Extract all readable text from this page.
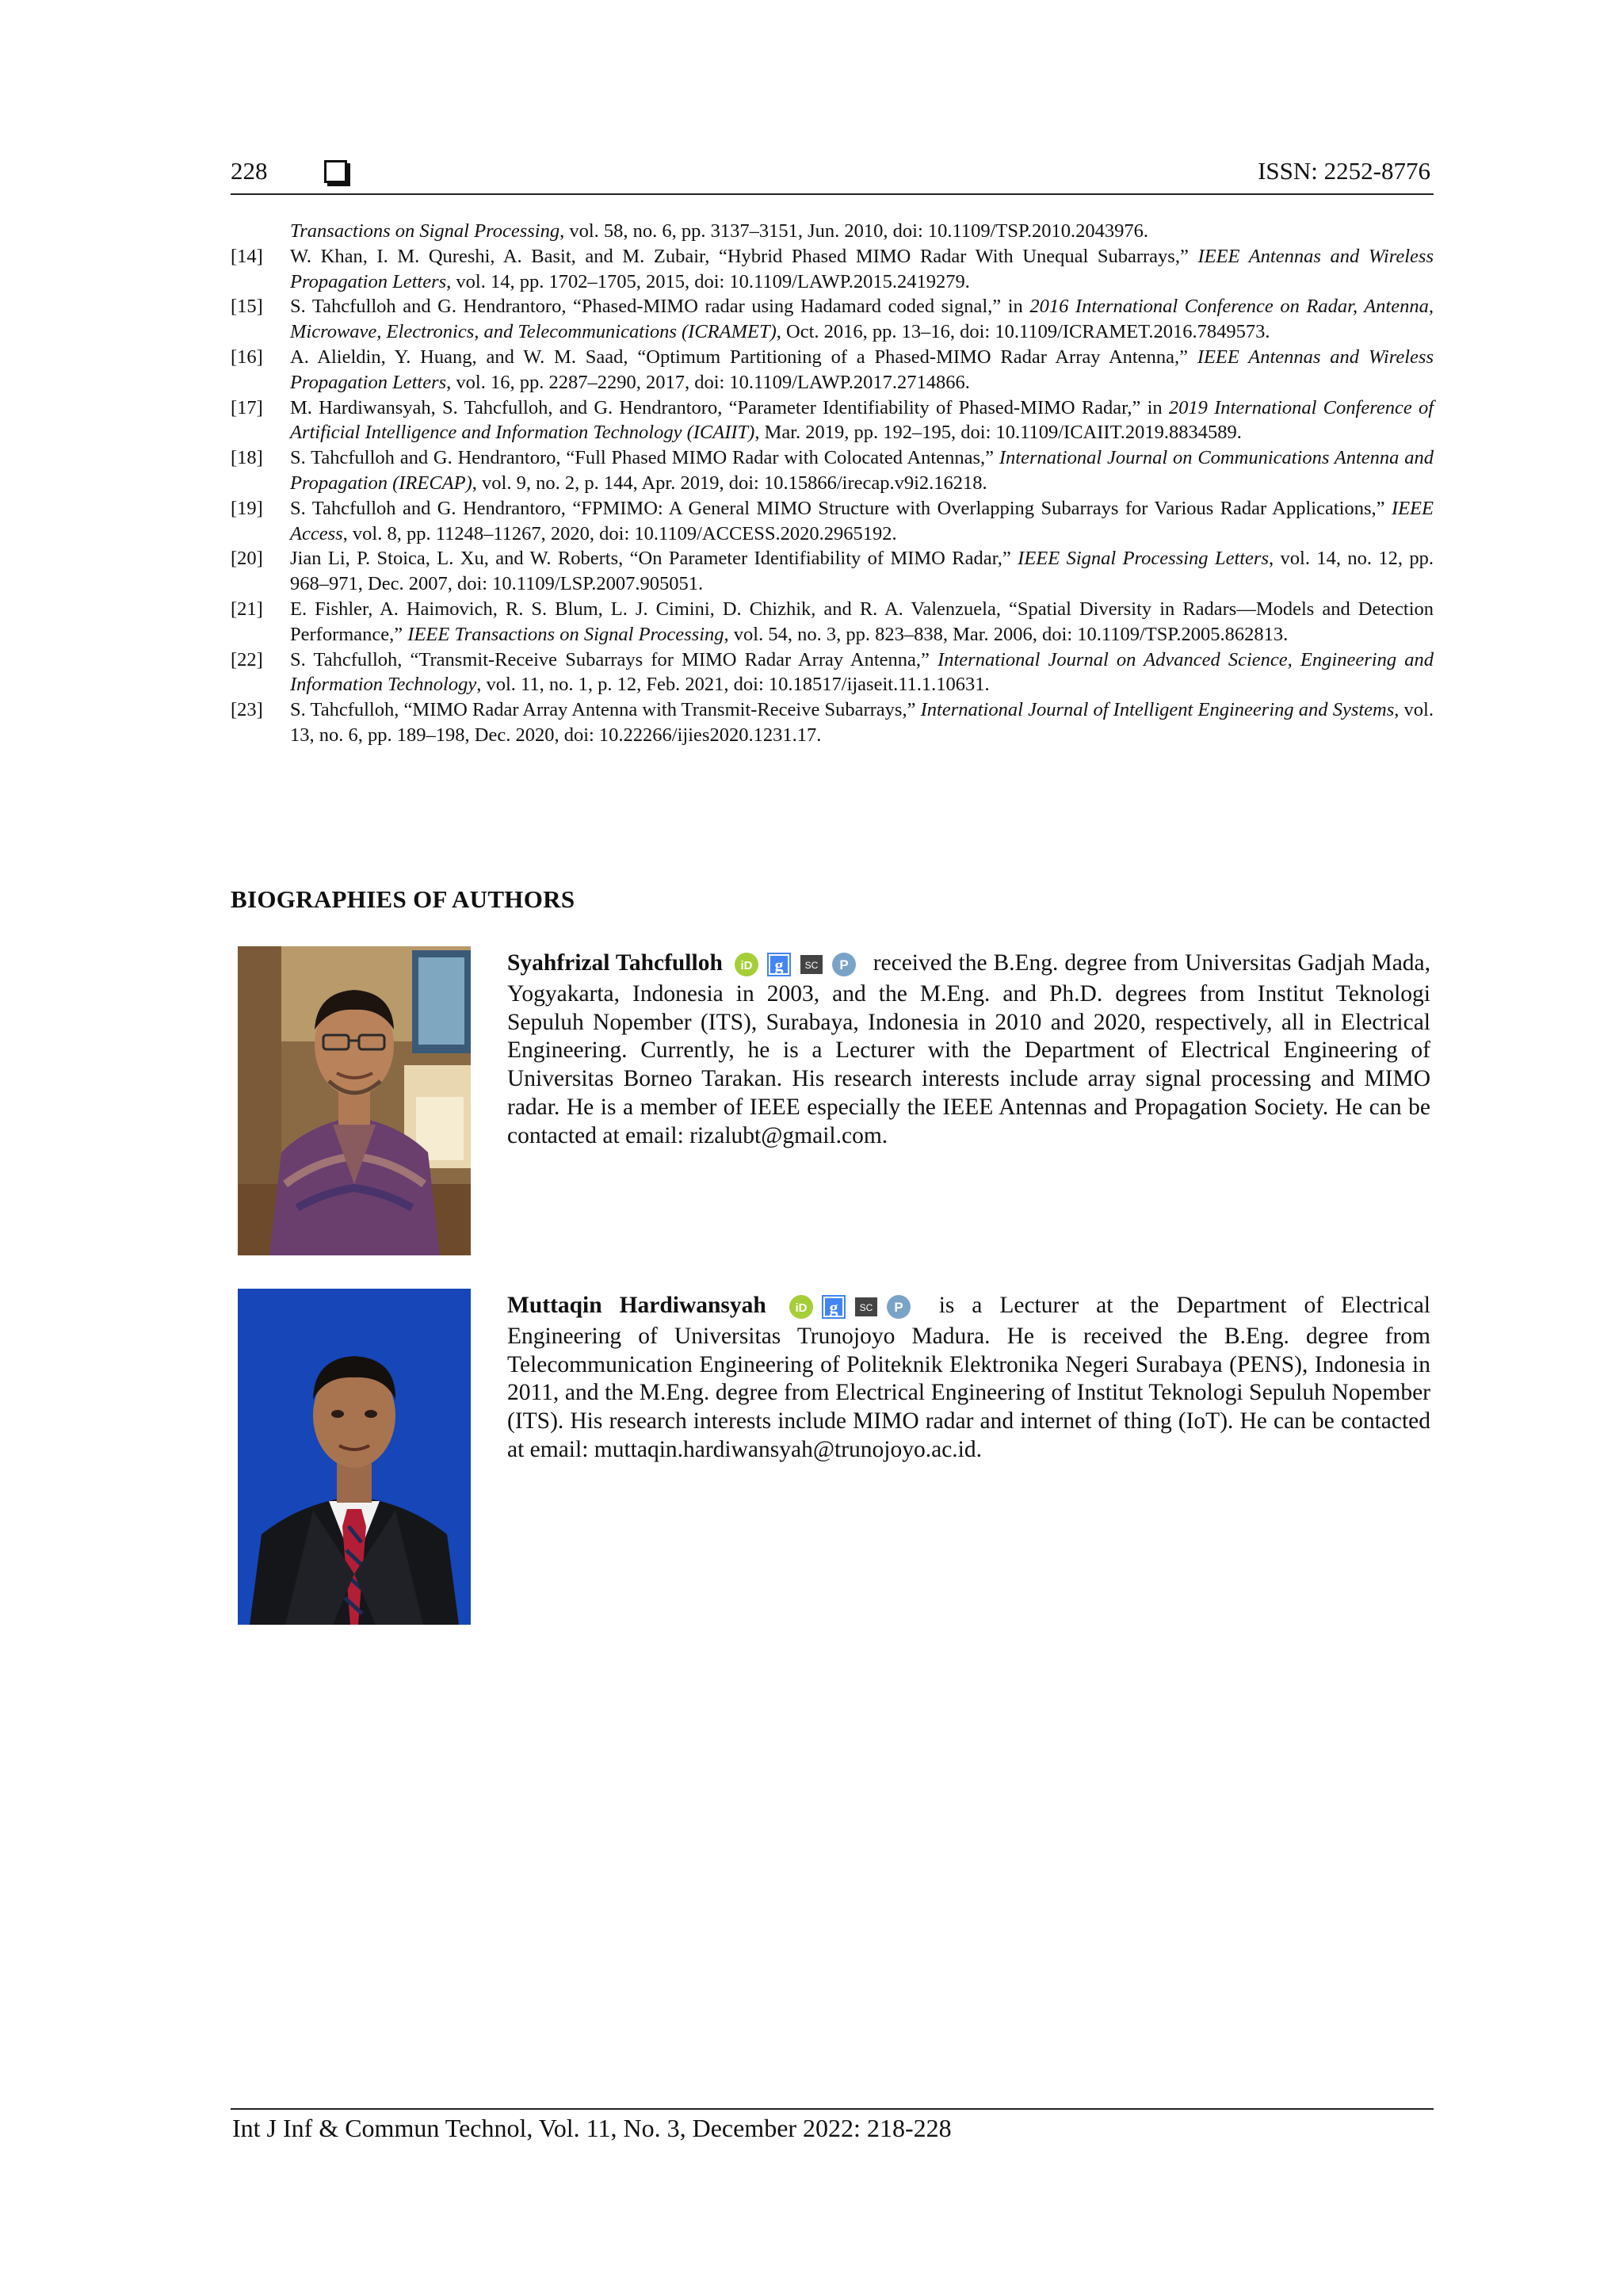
228	ISSN: 2252-8776
Transactions on Signal Processing, vol. 58, no. 6, pp. 3137–3151, Jun. 2010, doi: 10.1109/TSP.2010.2043976.
[14] W. Khan, I. M. Qureshi, A. Basit, and M. Zubair, “Hybrid Phased MIMO Radar With Unequal Subarrays,” IEEE Antennas and Wireless Propagation Letters, vol. 14, pp. 1702–1705, 2015, doi: 10.1109/LAWP.2015.2419279.
[15] S. Tahcfulloh and G. Hendrantoro, “Phased-MIMO radar using Hadamard coded signal,” in 2016 International Conference on Radar, Antenna, Microwave, Electronics, and Telecommunications (ICRAMET), Oct. 2016, pp. 13–16, doi: 10.1109/ICRAMET.2016.7849573.
[16] A. Alieldin, Y. Huang, and W. M. Saad, “Optimum Partitioning of a Phased-MIMO Radar Array Antenna,” IEEE Antennas and Wireless Propagation Letters, vol. 16, pp. 2287–2290, 2017, doi: 10.1109/LAWP.2017.2714866.
[17] M. Hardiwansyah, S. Tahcfulloh, and G. Hendrantoro, “Parameter Identifiability of Phased-MIMO Radar,” in 2019 International Conference of Artificial Intelligence and Information Technology (ICAIIT), Mar. 2019, pp. 192–195, doi: 10.1109/ICAIIT.2019.8834589.
[18] S. Tahcfulloh and G. Hendrantoro, “Full Phased MIMO Radar with Colocated Antennas,” International Journal on Communications Antenna and Propagation (IRECAP), vol. 9, no. 2, p. 144, Apr. 2019, doi: 10.15866/irecap.v9i2.16218.
[19] S. Tahcfulloh and G. Hendrantoro, “FPMIMO: A General MIMO Structure with Overlapping Subarrays for Various Radar Applications,” IEEE Access, vol. 8, pp. 11248–11267, 2020, doi: 10.1109/ACCESS.2020.2965192.
[20] Jian Li, P. Stoica, L. Xu, and W. Roberts, “On Parameter Identifiability of MIMO Radar,” IEEE Signal Processing Letters, vol. 14, no. 12, pp. 968–971, Dec. 2007, doi: 10.1109/LSP.2007.905051.
[21] E. Fishler, A. Haimovich, R. S. Blum, L. J. Cimini, D. Chizhik, and R. A. Valenzuela, “Spatial Diversity in Radars—Models and Detection Performance,” IEEE Transactions on Signal Processing, vol. 54, no. 3, pp. 823–838, Mar. 2006, doi: 10.1109/TSP.2005.862813.
[22] S. Tahcfulloh, “Transmit-Receive Subarrays for MIMO Radar Array Antenna,” International Journal on Advanced Science, Engineering and Information Technology, vol. 11, no. 1, p. 12, Feb. 2021, doi: 10.18517/ijaseit.11.1.10631.
[23] S. Tahcfulloh, “MIMO Radar Array Antenna with Transmit-Receive Subarrays,” International Journal of Intelligent Engineering and Systems, vol. 13, no. 6, pp. 189–198, Dec. 2020, doi: 10.22266/ijies2020.1231.17.
BIOGRAPHIES OF AUTHORS
Syahfrizal Tahcfulloh iD g SC P received the B.Eng. degree from Universitas Gadjah Mada, Yogyakarta, Indonesia in 2003, and the M.Eng. and Ph.D. degrees from Institut Teknologi Sepuluh Nopember (ITS), Surabaya, Indonesia in 2010 and 2020, respectively, all in Electrical Engineering. Currently, he is a Lecturer with the Department of Electrical Engineering of Universitas Borneo Tarakan. His research interests include array signal processing and MIMO radar. He is a member of IEEE especially the IEEE Antennas and Propagation Society. He can be contacted at email: rizalubt@gmail.com.
Muttaqin Hardiwansyah iD g SC P is a Lecturer at the Department of Electrical Engineering of Universitas Trunojoyo Madura. He is received the B.Eng. degree from Telecommunication Engineering of Politeknik Elektronika Negeri Surabaya (PENS), Indonesia in 2011, and the M.Eng. degree from Electrical Engineering of Institut Teknologi Sepuluh Nopember (ITS). His research interests include MIMO radar and internet of thing (IoT). He can be contacted at email: muttaqin.hardiwansyah@trunojoyo.ac.id.
Int J Inf & Commun Technol, Vol. 11, No. 3, December 2022: 218-228
